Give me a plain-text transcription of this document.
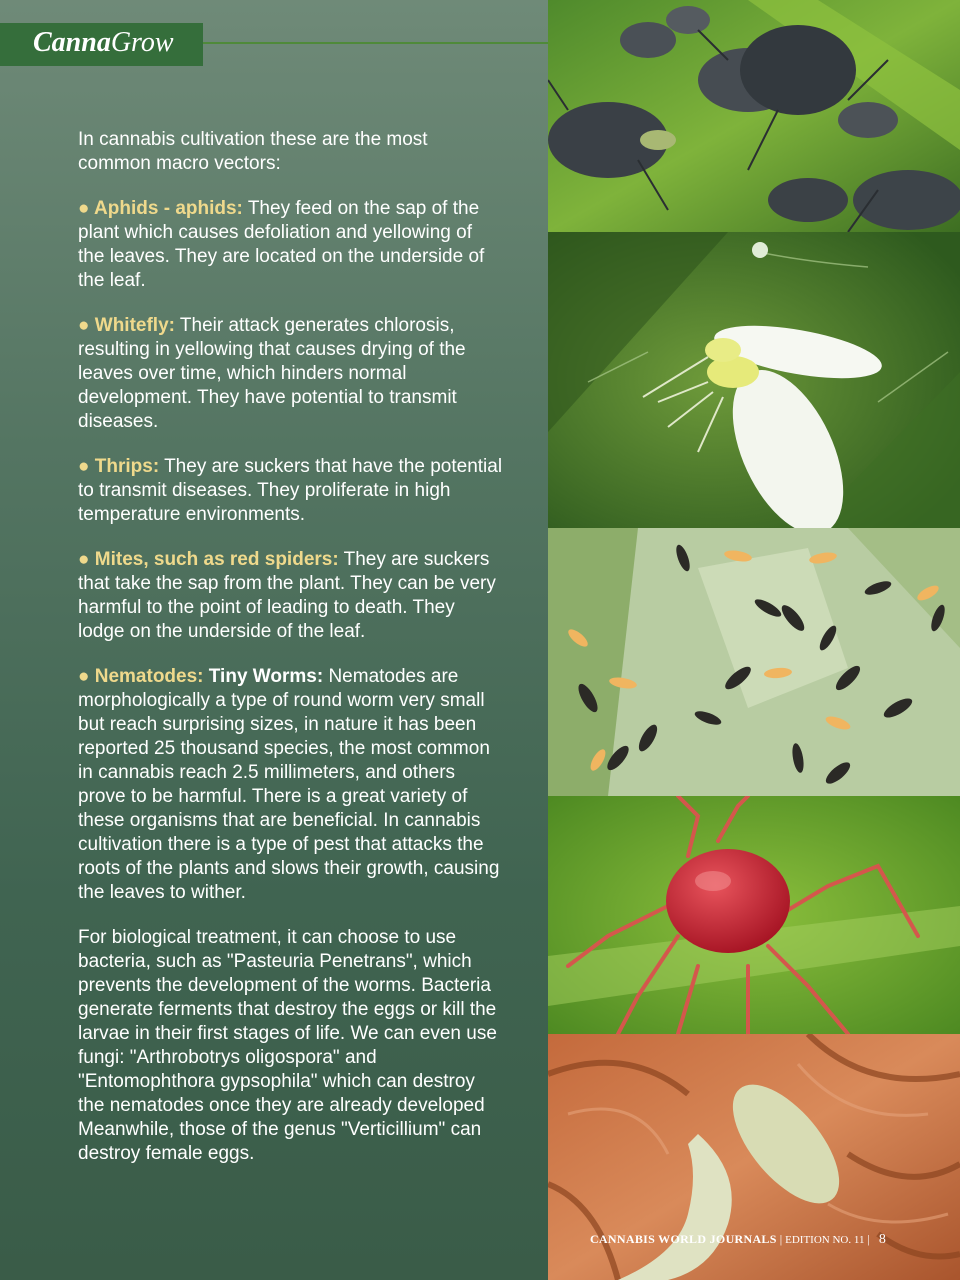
CannaGrow

In cannabis cultivation these are the most common macro vectors:

● Aphids - aphids: They feed on the sap of the plant which causes defoliation and yellowing of the leaves. They are located on the underside of the leaf.

● Whitefly: Their attack generates chlorosis, resulting in yellowing that causes drying of the leaves over time, which hinders normal development. They have potential to transmit diseases.

● Thrips: They are suckers that have the potential to transmit diseases. They proliferate in high temperature environments.

● Mites, such as red spiders: They are suckers that take the sap from the plant. They can be very harmful to the point of leading to death. They lodge on the underside of the leaf.

● Nematodes: Tiny Worms: Nematodes are morphologically a type of round worm very small but reach surprising sizes, in nature it has been reported 25 thousand species, the most common in cannabis reach 2.5 millimeters, and others prove to be harmful. There is a great variety of these organisms that are beneficial. In cannabis cultivation there is a type of pest that attacks the roots of the plants and slows their growth, causing the leaves to wither.

For biological treatment, it can choose to use bacteria, such as "Pasteuria Penetrans", which prevents the development of the worms. Bacteria generate ferments that destroy the eggs or kill the larvae in their first stages of life. We can even use fungi: "Arthrobotrys oligospora" and "Entomophthora gypsophila" which can destroy the nematodes once they are already developed Meanwhile, those of the genus "Verticillium" can destroy female eggs.

CANNABIS WORLD JOURNALS | EDITION NO. 11 | 8
